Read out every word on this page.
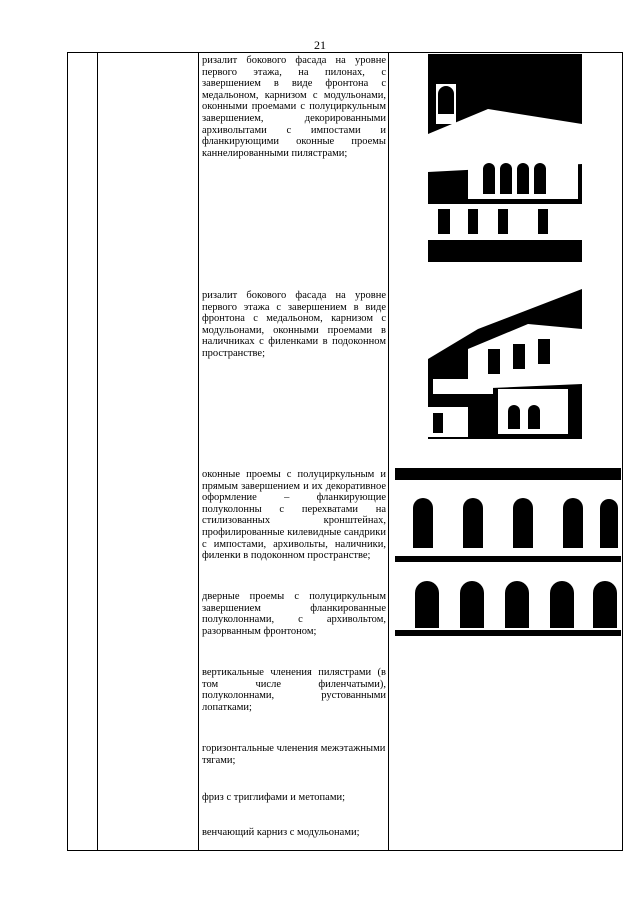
21
ризалит бокового фасада на уровне первого этажа, на пилонах, с завершением в виде фронтона с медальоном, карнизом с модульонами, оконными проемами с полуциркульным завершением, декорированными архиволытами с импостами и фланкирующими оконные проемы каннелированными пилястрами;
ризалит бокового фасада на уровне первого этажа с завершением в виде фронтона с медальоном, карнизом с модульонами, оконными проемами в наличниках с филенками в подоконном пространстве;
оконные проемы с полуциркульным и прямым завершением и их декоративное оформление – фланкирующие полуколонны с перехватами на стилизованных кронштейнах, профилированные килевидные сандрики с импостами, архивольты, наличники, филенки в подоконном пространстве;
дверные проемы с полуциркульным завершением фланкированные полуколоннами, с архивольтом, разорванным фронтоном;
вертикальные членения пилястрами (в том числе филенчатыми), полуколоннами, рустованными лопатками;
горизонтальные членения межэтажными тягами;
фриз с триглифами и метопами;
венчающий карниз с модульонами;
